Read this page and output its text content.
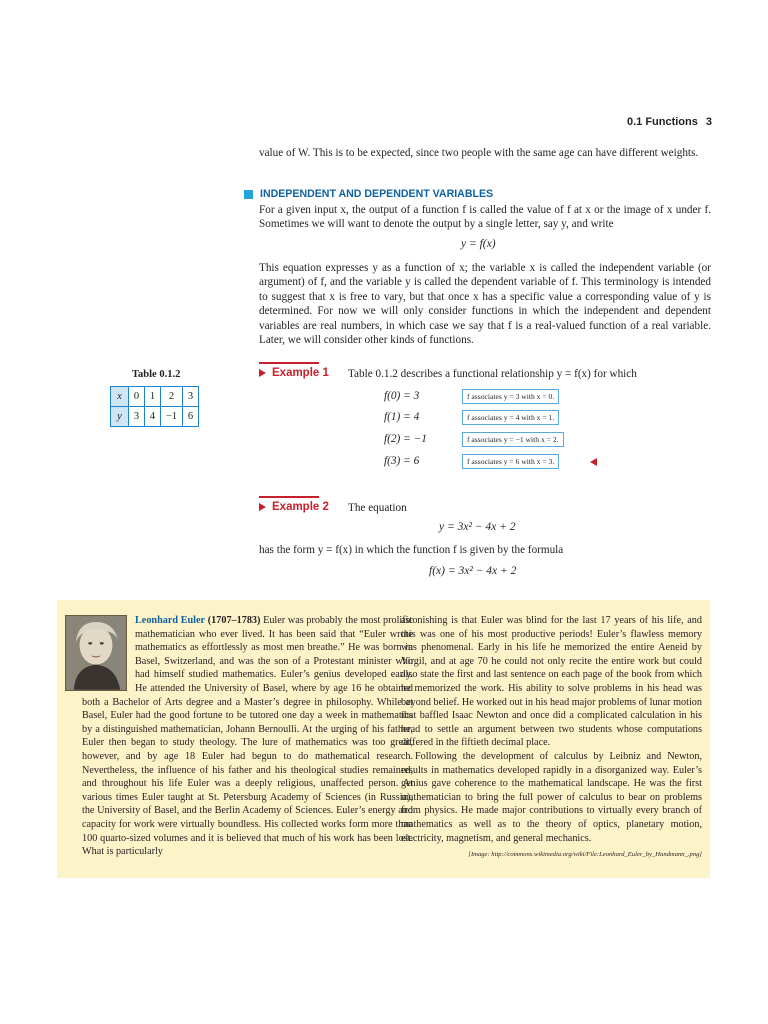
0.1 Functions 3

value of W. This is to be expected, since two people with the same age can have different weights.

INDEPENDENT AND DEPENDENT VARIABLES

For a given input x, the output of a function f is called the value of f at x or the image of x under f. Sometimes we will want to denote the output by a single letter, say y, and write

y = f(x)

This equation expresses y as a function of x; the variable x is called the independent variable (or argument) of f, and the variable y is called the dependent variable of f. This terminology is intended to suggest that x is free to vary, but that once x has a specific value a corresponding value of y is determined. For now we will only consider functions in which the independent and dependent variables are real numbers, in which case we say that f is a real-valued function of a real variable. Later, we will consider other kinds of functions.

Table 0.1.2
x	0	1	2	3
y	3	4	−1	6
Example 1 Table 0.1.2 describes a functional relationship y = f(x) for which
f(0) = 3	f associates y = 3 with x = 0.
f(1) = 4	f associates y = 4 with x = 1.
f(2) = −1	f associates y = −1 with x = 2.
f(3) = 6	f associates y = 6 with x = 3.
Example 2 The equation
y = 3x² − 4x + 2
has the form y = f(x) in which the function f is given by the formula
f(x) = 3x² − 4x + 2
Leonhard Euler (1707–1783) Euler was probably the most prolific mathematician who ever lived. It has been said that “Euler wrote mathematics as effortlessly as most men breathe.” He was born in Basel, Switzerland, and was the son of a Protestant minister who had himself studied mathematics. Euler’s genius developed early. He attended the University of Basel, where by age 16 he obtained both a Bachelor of Arts degree and a Master’s degree in philosophy. While at Basel, Euler had the good fortune to be tutored one day a week in mathematics by a distinguished mathematician, Johann Bernoulli. At the urging of his father, Euler then began to study theology. The lure of mathematics was too great, however, and by age 18 Euler had begun to do mathematical research. Nevertheless, the influence of his father and his theological studies remained, and throughout his life Euler was a deeply religious, unaffected person. At various times Euler taught at St. Petersburg Academy of Sciences (in Russia), the University of Basel, and the Berlin Academy of Sciences. Euler’s energy and capacity for work were virtually boundless. His collected works form more than 100 quarto-sized volumes and it is believed that much of his work has been lost. What is particularly

astonishing is that Euler was blind for the last 17 years of his life, and this was one of his most productive periods! Euler’s flawless memory was phenomenal. Early in his life he memorized the entire Aeneid by Virgil, and at age 70 he could not only recite the entire work but could also state the first and last sentence on each page of the book from which he memorized the work. His ability to solve problems in his head was beyond belief. He worked out in his head major problems of lunar motion that baffled Isaac Newton and once did a complicated calculation in his head to settle an argument between two students whose computations differed in the fiftieth decimal place.

Following the development of calculus by Leibniz and Newton, results in mathematics developed rapidly in a disorganized way. Euler’s genius gave coherence to the mathematical landscape. He was the first mathematician to bring the full power of calculus to bear on problems from physics. He made major contributions to virtually every branch of mathematics as well as to the theory of optics, planetary motion, electricity, magnetism, and general mechanics.

[Image: http://commons.wikimedia.org/wiki/File:Leonhard_Euler_by_Handmann_.png]
